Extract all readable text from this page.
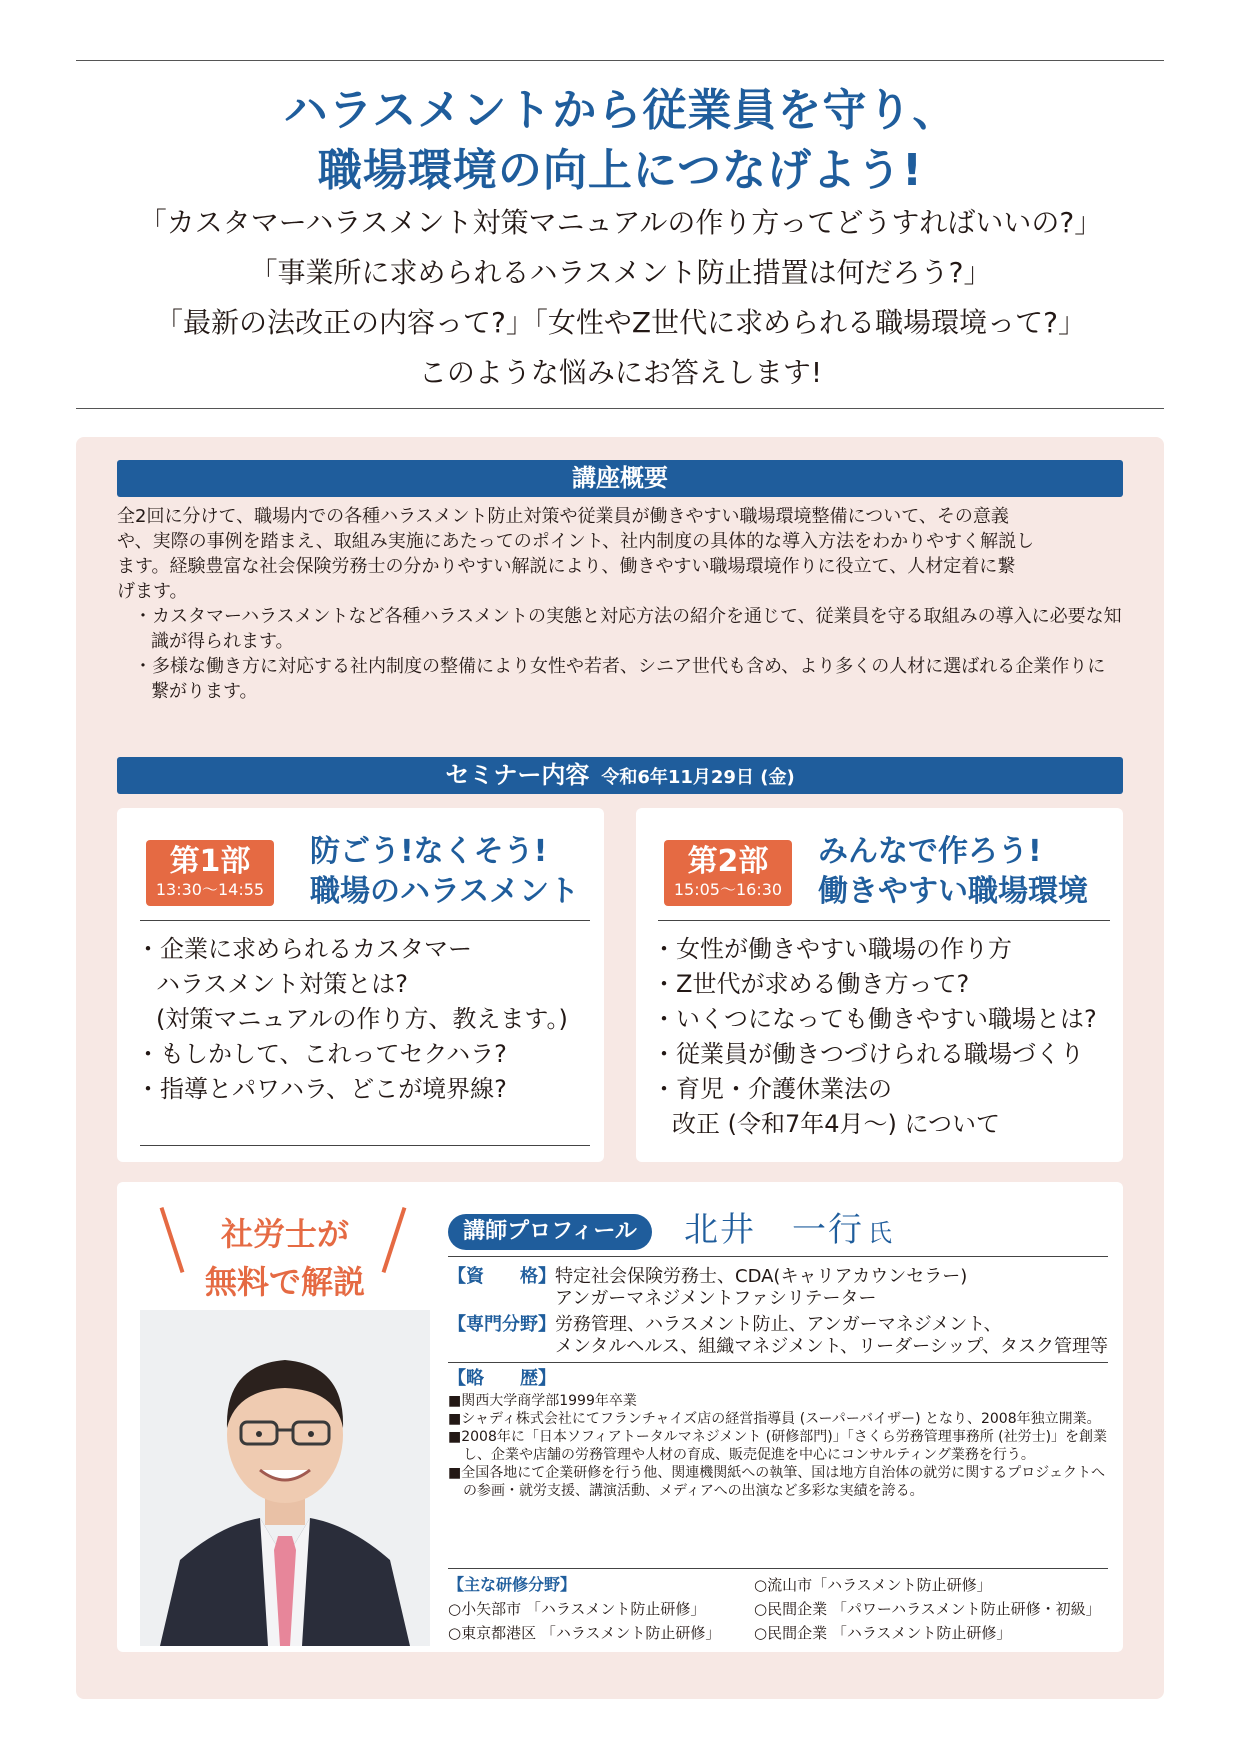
ハラスメントから従業員を守り、
職場環境の向上につなげよう!
「カスタマーハラスメント対策マニュアルの作り方ってどうすればいいの?」
「事業所に求められるハラスメント防止措置は何だろう?」
「最新の法改正の内容って?」「女性やZ世代に求められる職場環境って?」
このような悩みにお答えします!
講座概要

全2回に分けて、職場内での各種ハラスメント防止対策や従業員が働きやすい職場環境整備について、その意義

や、実際の事例を踏まえ、取組み実施にあたってのポイント、社内制度の具体的な導入方法をわかりやすく解説し

ます。経験豊富な社会保険労務士の分かりやすい解説により、働きやすい職場環境作りに役立て、人材定着に繋

げます。

・カスタマーハラスメントなど各種ハラスメントの実態と対応方法の紹介を通じて、従業員を守る取組みの導入に必要な知識が得られます。

・多様な働き方に対応する社内制度の整備により女性や若者、シニア世代も含め、より多くの人材に選ばれる企業作りに繋がります。

セミナー内容 令和6年11月29日 (金)
第1部
13:30〜14:55
防ごう!なくそう!
職場のハラスメント
・企業に求められるカスタマー
ハラスメント対策とは?
(対策マニュアルの作り方、教えます。)
・もしかして、これってセクハラ?
・指導とパワハラ、どこが境界線?
第2部
15:05〜16:30
みんなで作ろう!
働きやすい職場環境
・女性が働きやすい職場の作り方
・Z世代が求める働き方って?
・いくつになっても働きやすい職場とは?
・従業員が働きつづけられる職場づくり
・育児・介護休業法の
改正 (令和7年4月〜) について
社労士が
無料で解説
講師プロフィール	北井　一行 氏
【資　　格】 特定社会保険労務士、CDA(キャリアカウンセラー)
アンガーマネジメントファシリテーター
【専門分野】 労務管理、ハラスメント防止、アンガーマネジメント、
メンタルヘルス、組織マネジメント、リーダーシップ、タスク管理等
【略　　歴】
■関西大学商学部1999年卒業
■シャディ株式会社にてフランチャイズ店の経営指導員 (スーパーバイザー) となり、2008年独立開業。
■2008年に「日本ソフィアトータルマネジメント (研修部門)」「さくら労務管理事務所 (社労士)」を創業し、企業や店舗の労務管理や人材の育成、販売促進を中心にコンサルティング業務を行う。
■全国各地にて企業研修を行う他、関連機関紙への執筆、国は地方自治体の就労に関するプロジェクトへの参画・就労支援、講演活動、メディアへの出演など多彩な実績を誇る。
【主な研修分野】
○小矢部市 「ハラスメント防止研修」
○東京都港区 「ハラスメント防止研修」
○流山市「ハラスメント防止研修」
○民間企業 「パワーハラスメント防止研修・初級」
○民間企業 「ハラスメント防止研修」
